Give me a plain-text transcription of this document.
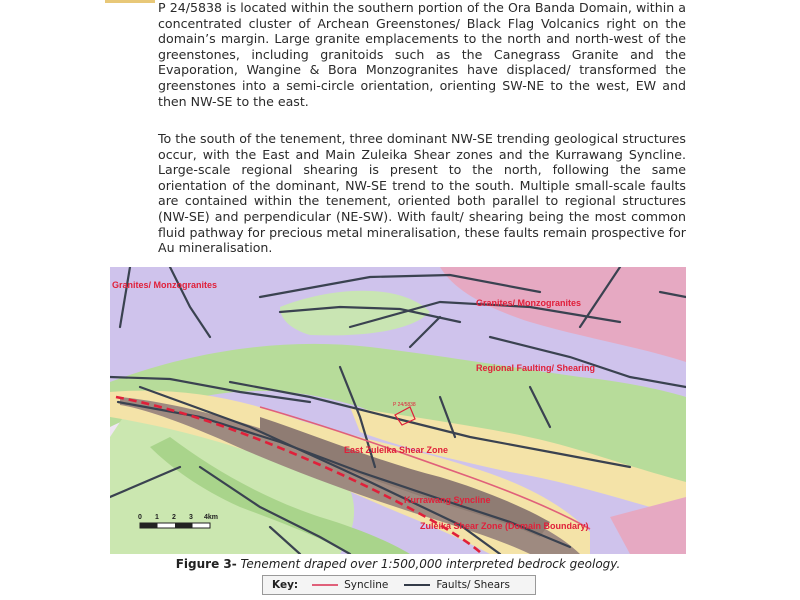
P 24/5838 is located within the southern portion of the Ora Banda Domain, within a concentrated cluster of Archean Greenstones/ Black Flag Volcanics right on the domain’s margin. Large granite emplacements to the north and north-west of the greenstones, including granitoids such as the Canegrass Granite and the Evaporation, Wangine & Bora Monzogranites have displaced/ transformed the greenstones into a semi-circle orientation, orienting SW-NE to the west, EW and then NW-SE to the east.

To the south of the tenement, three dominant NW-SE trending geological structures occur, with the East and Main Zuleika Shear zones and the Kurrawang Syncline. Large-scale regional shearing is present to the north, following the same orientation of the dominant, NW-SE trend to the south. Multiple small-scale faults are contained within the tenement, oriented both parallel to regional structures (NW-SE) and perpendicular (NE-SW). With fault/ shearing being the most common fluid pathway for precious metal mineralisation, these faults remain prospective for Au mineralisation.

Granites/ Monzogranites
Granites/ Monzogranites
Regional Faulting/ Shearing
East Zuleika Shear Zone
Kurrawang Syncline
Zuleika Shear Zone (Domain Boundary)
P 24/5838
0 1 2 3 4km
Figure 3- Tenement draped over 1:500,000 interpreted bedrock geology.
Key:	Syncline	Faults/ Shears
